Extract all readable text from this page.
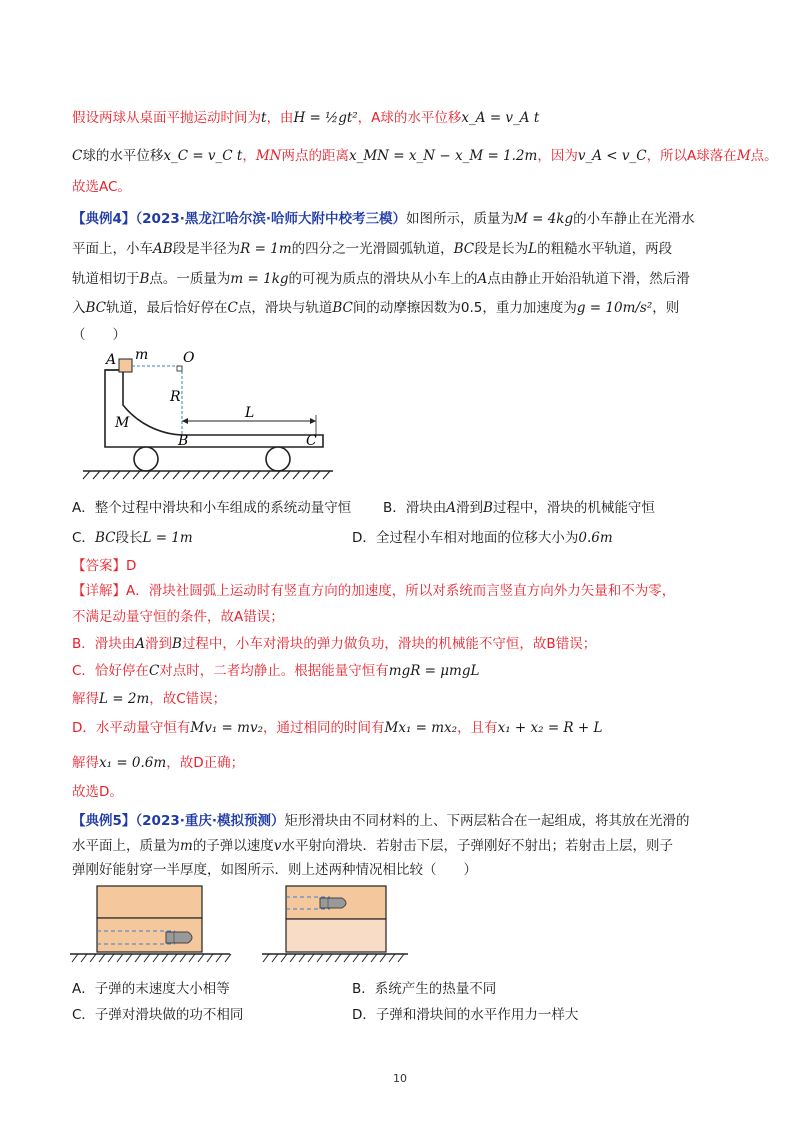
假设两球从桌面平抛运动时间为t，由H = ½gt²，A球的水平位移x_A = v_A t
C球的水平位移x_C = v_C t，MN两点的距离x_MN = x_N − x_M = 1.2m，因为v_A < v_C，所以A球落在M点。
故选AC。
【典例4】（2023·黑龙江哈尔滨·哈师大附中校考三模）如图所示，质量为M = 4kg的小车静止在光滑水
平面上，小车AB段是半径为R = 1m的四分之一光滑圆弧轨道，BC段是长为L的粗糙水平轨道，两段
轨道相切于B点。一质量为m = 1kg的可视为质点的滑块从小车上的A点由静止开始沿轨道下滑，然后滑
入BC轨道，最后恰好停在C点，滑块与轨道BC间的动摩擦因数为0.5，重力加速度为g = 10m/s²，则
（　　）
A m O
R
M
B
L
C
A．整个过程中滑块和小车组成的系统动量守恒 B．滑块由A滑到B过程中，滑块的机械能守恒
C．BC段长L = 1m	D．全过程小车相对地面的位移大小为0.6m
【答案】D
【详解】A．滑块社圆弧上运动时有竖直方向的加速度，所以对系统而言竖直方向外力矢量和不为零，
不满足动量守恒的条件，故A错误；
B．滑块由A滑到B过程中，小车对滑块的弹力做负功，滑块的机械能不守恒，故B错误；
C．恰好停在C对点时，二者均静止。根据能量守恒有mgR = μmgL
解得L = 2m，故C错误；
D．水平动量守恒有Mv₁ = mv₂，通过相同的时间有Mx₁ = mx₂，且有x₁ + x₂ = R + L
解得x₁ = 0.6m，故D正确；
故选D。
【典例5】（2023·重庆·模拟预测）矩形滑块由不同材料的上、下两层粘合在一起组成，将其放在光滑的
水平面上，质量为m的子弹以速度v水平射向滑块．若射击下层，子弹刚好不射出；若射击上层，则子
弹刚好能射穿一半厚度，如图所示．则上述两种情况相比较（　　）
A．子弹的末速度大小相等	B．系统产生的热量不同
C．子弹对滑块做的功不相同	D．子弹和滑块间的水平作用力一样大
10
